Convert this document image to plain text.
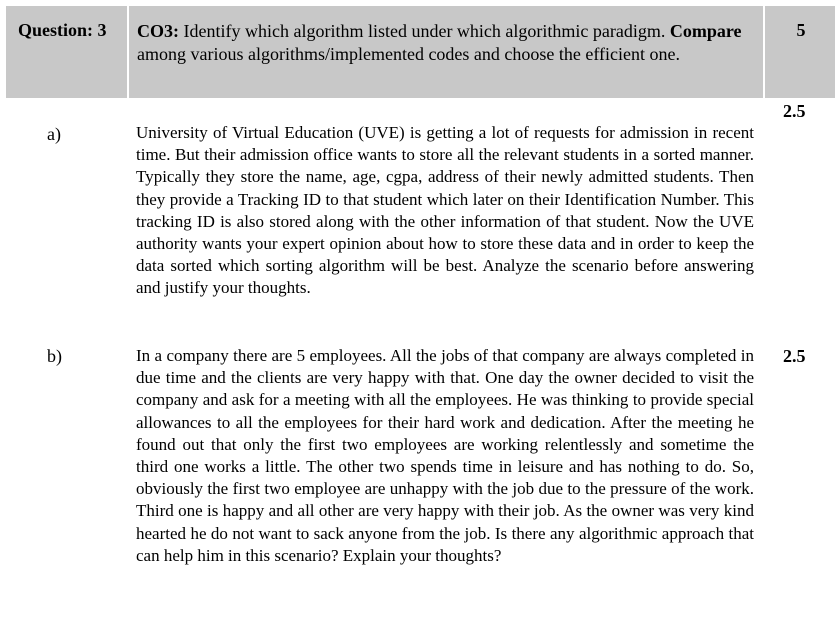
Question: 3 CO3: Identify which algorithm listed under which algorithmic paradigm. Compare among various algorithms/implemented codes and choose the efficient one.
5
2.5
a)	University of Virtual Education (UVE) is getting a lot of requests for admission in recent time. But their admission office wants to store all the relevant students in a sorted manner. Typically they store the name, age, cgpa, address of their newly admitted students. Then they provide a Tracking ID to that student which later on their Identification Number. This tracking ID is also stored along with the other information of that student. Now the UVE authority wants your expert opinion about how to store these data and in order to keep the data sorted which sorting algorithm will be best. Analyze the scenario before answering and justify your thoughts.
b)	In a company there are 5 employees. All the jobs of that company are always completed in due time and the clients are very happy with that. One day the owner decided to visit the company and ask for a meeting with all the employees. He was thinking to provide special allowances to all the employees for their hard work and dedication. After the meeting he found out that only the first two employees are working relentlessly and sometime the third one works a little. The other two spends time in leisure and has nothing to do. So, obviously the first two employee are unhappy with the job due to the pressure of the work. Third one is happy and all other are very happy with their job. As the owner was very kind hearted he do not want to sack anyone from the job. Is there any algorithmic approach that can help him in this scenario? Explain your thoughts?
2.5
